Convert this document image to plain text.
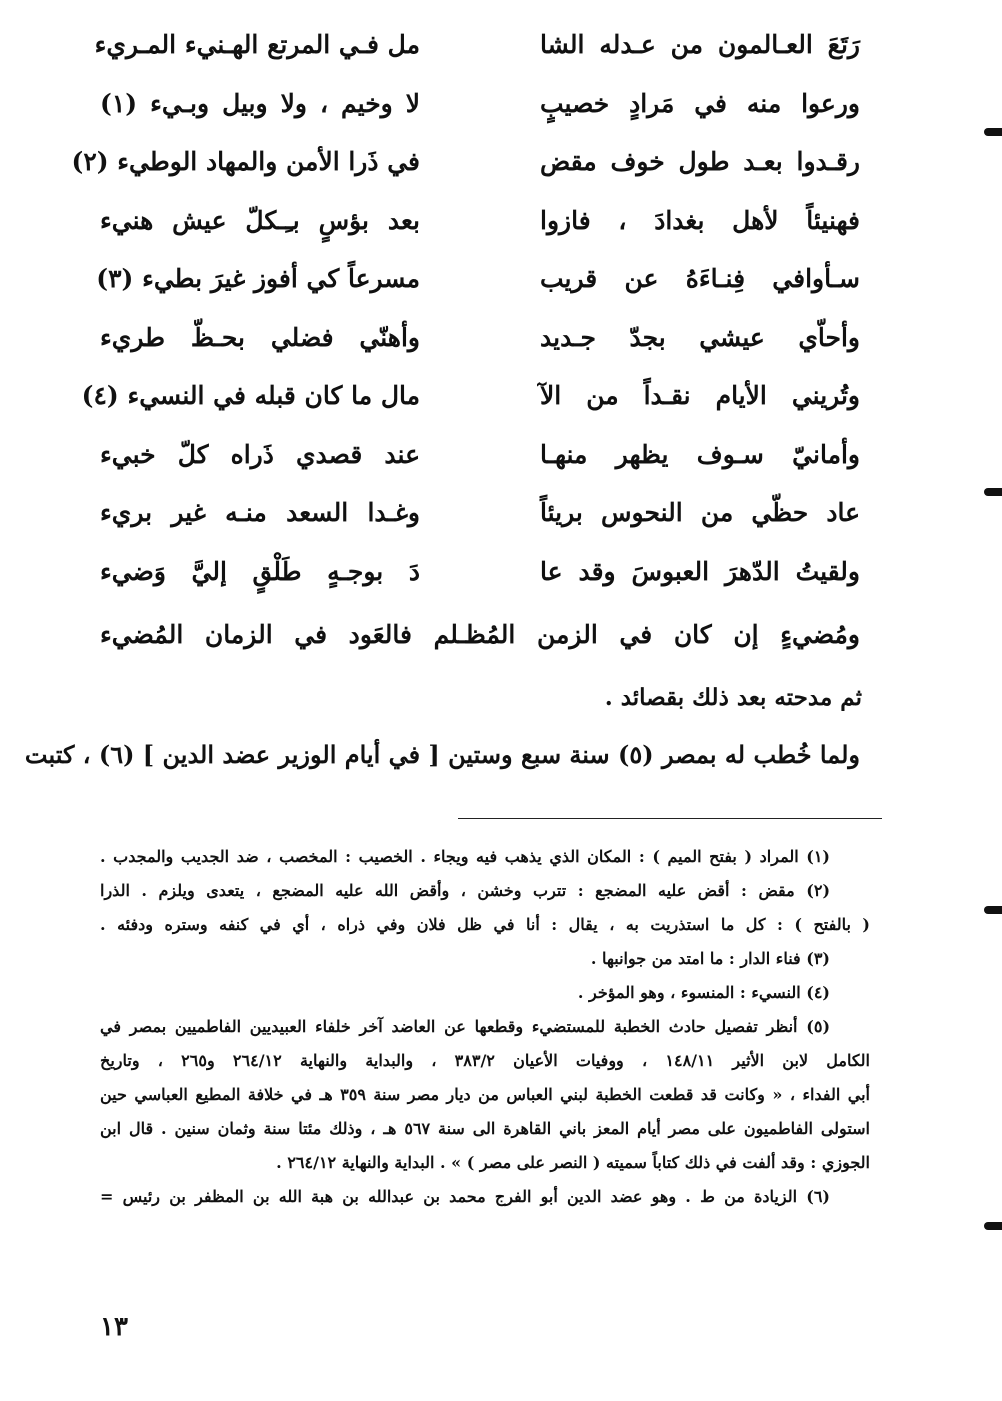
رَتَعَ العـالمون من عـدله الشا
مل فـي المرتع الهـنيء المـريء
ورعوا منه في مَرادٍ خصيبٍ
لا وخيم ، ولا وبيل وبـيء (١)
رقـدوا بعـد طول خوف مقض
في ذَرا الأمن والمهاد الوطيء (٢)
فهنيئاً لأهل بغدادَ ، فازوا
بعد بؤسٍ بـِـكلّ عيش هنيء
سـأوافي فِنـاءَهُ عن قريب
مسرعاً كي أفوز غيرَ بطيء (٣)
وأحاّي عيشي بجدّ جـديد
وأهنّي فضلي بحـظّ طريء
وتُريني الأيام نقـداً من الآ
مال ما كان قبله في النسيء (٤)
وأمانيّ سـوف يظهر منهـا
عند قصدي ذَراه كلّ خبيء
عاد حظّي من النحوس بريئاً
وغـدا السعد منـه غير بريء
ولقيتُ الدّهرَ العبوسَ وقد عا
دَ بوجـهٍ طَلْقٍ إليَّ وَضيء
ومُضيءٍ إن كان في الزمن المُظـلم فالعَود في الزمان المُضيء
ثم مدحته بعد ذلك بقصائد .
ولما خُطب له بمصر (٥) سنة سبع وستين [ في أيام الوزير عضد الدين ] (٦) ، كتبت
(١) المراد ( بفتح الميم ) : المكان الذي يذهب فيه ويجاء . الخصيب : المخصب ، ضد الجديب والمجدب .
(٢) مقض : أقض عليه المضجع : تترب وخشن ، وأقض الله عليه المضجع ، يتعدى ويلزم . الذرا
( بالفتح ) : كل ما استذريت به ، يقال : أنا في ظل فلان وفي ذراه ، أي في كنفه وستره ودفئه .
(٣) فناء الدار : ما امتد من جوانبها .
(٤) النسيء : المنسوء ، وهو المؤخر .
(٥) أنظر تفصيل حادث الخطبة للمستضيء وقطعها عن العاضد آخر خلفاء العبيديين الفاطميين بمصر في
الكامل لابن الأثير ١٤٨/١١ ، ووفيات الأعيان ٣٨٣/٢ ، والبداية والنهاية ٢٦٤/١٢ و٢٦٥ ، وتاريخ
أبي الفداء ، « وكانت قد قطعت الخطبة لبني العباس من ديار مصر سنة ٣٥٩ هـ في خلافة المطيع العباسي حين
استولى الفاطميون على مصر أيام المعز باني القاهرة الى سنة ٥٦٧ هـ ، وذلك مئتا سنة وثمان سنين . قال ابن
الجوزي : وقد ألفت في ذلك كتاباً سميته ( النصر على مصر ) » . البداية والنهاية ٢٦٤/١٢ .
(٦) الزيادة من ط . وهو عضد الدين أبو الفرج محمد بن عبدالله بن هبة الله بن المظفر بن رئيس =
١٣
